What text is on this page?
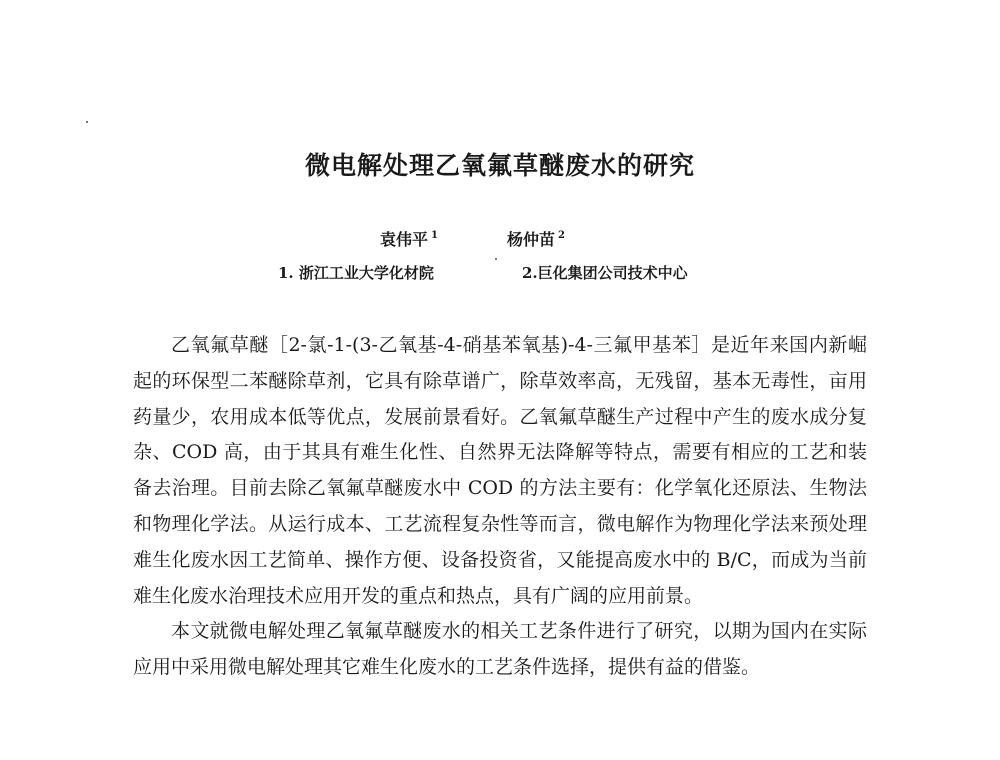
微电解处理乙氧氟草醚废水的研究
袁伟平 $^1$	杨仲苗 $^2$
1. 浙江工业大学化材院	2.巨化集团公司技术中心

乙氧氟草醚［2-氯-1-(3-乙氧基-4-硝基苯氧基)-4-三氟甲基苯］是近年来国内新崛起的环保型二苯醚除草剂，它具有除草谱广，除草效率高，无残留，基本无毒性，亩用药量少，农用成本低等优点，发展前景看好。乙氧氟草醚生产过程中产生的废水成分复杂、COD 高，由于其具有难生化性、自然界无法降解等特点，需要有相应的工艺和装备去治理。目前去除乙氧氟草醚废水中 COD 的方法主要有：化学氧化还原法、生物法和物理化学法。从运行成本、工艺流程复杂性等而言，微电解作为物理化学法来预处理难生化废水因工艺简单、操作方便、设备投资省，又能提高废水中的 B/C，而成为当前难生化废水治理技术应用开发的重点和热点，具有广阔的应用前景。

本文就微电解处理乙氧氟草醚废水的相关工艺条件进行了研究，以期为国内在实际应用中采用微电解处理其它难生化废水的工艺条件选择，提供有益的借鉴。
